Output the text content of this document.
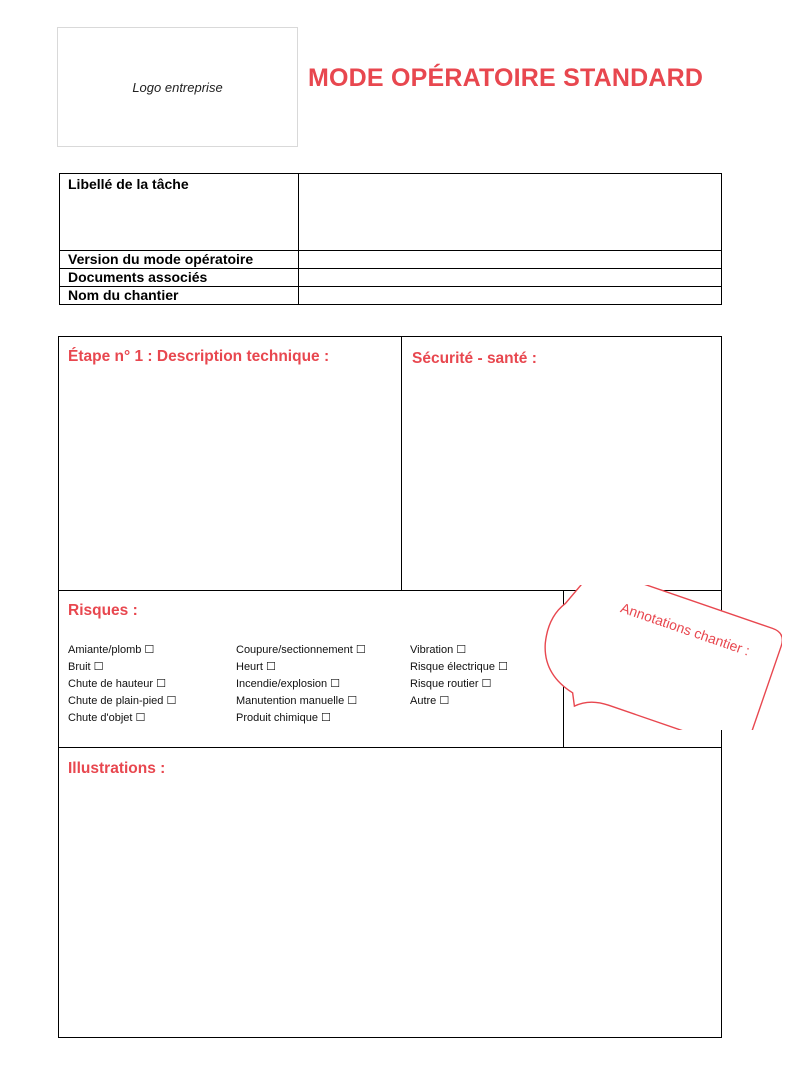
Logo entreprise	MODE OPÉRATOIRE STANDARD
Libellé de la tâche	
Version du mode opératoire	
Documents associés	
Nom du chantier	
Étape n° 1 : Description technique :	Sécurité - santé :
Risques :
Amiante/plomb ☐
Bruit ☐
Chute de hauteur ☐
Chute de plain-pied ☐
Chute d'objet ☐
Coupure/sectionnement ☐
Heurt ☐
Incendie/explosion ☐
Manutention manuelle ☐
Produit chimique ☐
Vibration ☐
Risque électrique ☐
Risque routier ☐
Autre ☐
Illustrations :
Annotations chantier :
